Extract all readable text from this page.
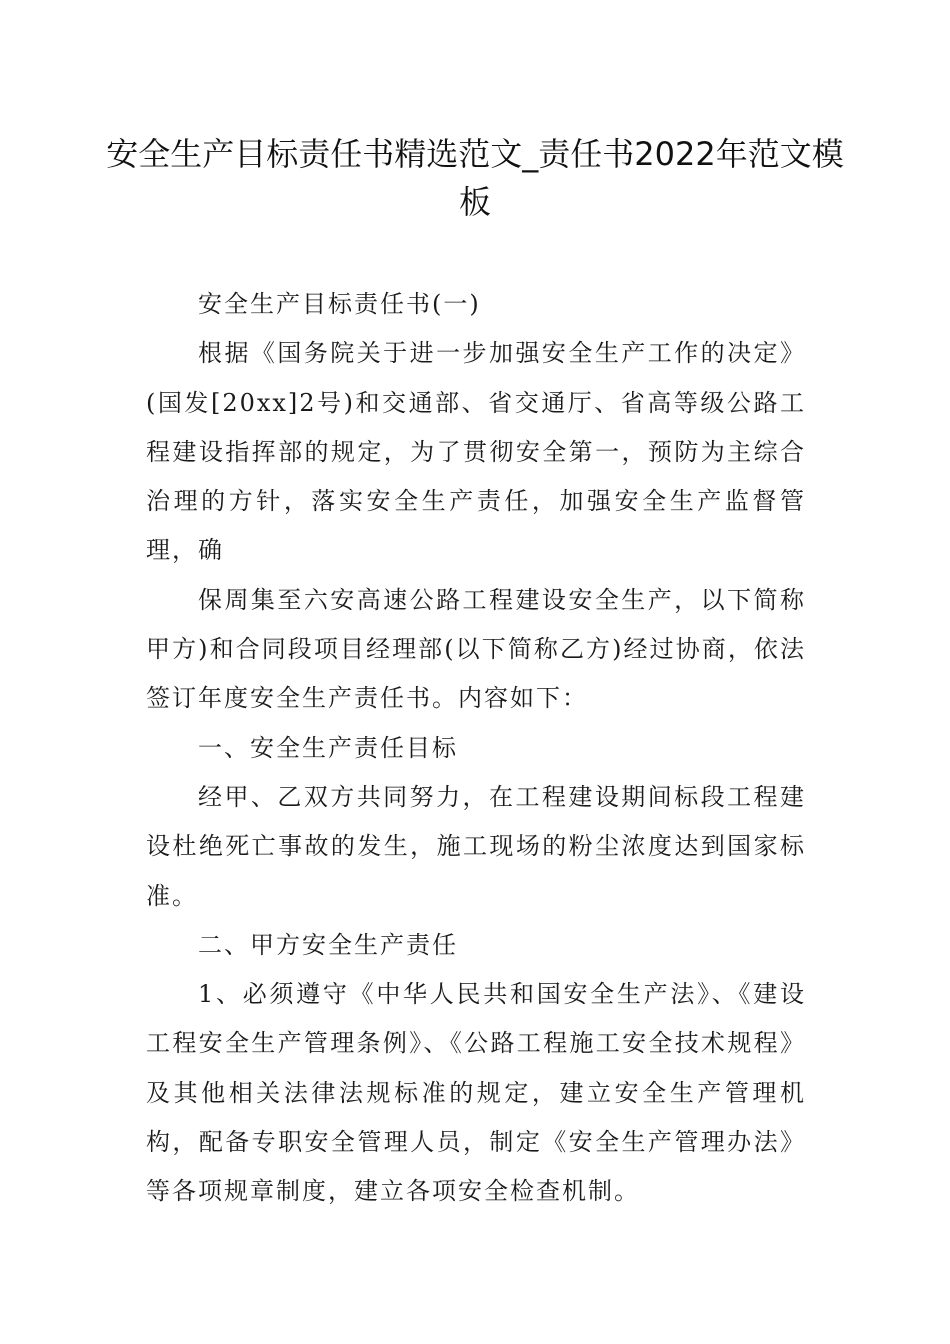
安全生产目标责任书精选范文_责任书2022年范文模板

安全生产目标责任书(一)

根据《国务院关于进一步加强安全生产工作的决定》(国发[20xx]2号)和交通部、省交通厅、省高等级公路工程建设指挥部的规定，为了贯彻安全第一，预防为主综合治理的方针，落实安全生产责任，加强安全生产监督管理，确

保周集至六安高速公路工程建设安全生产，以下简称甲方)和合同段项目经理部(以下简称乙方)经过协商，依法签订年度安全生产责任书。内容如下：

一、安全生产责任目标

经甲、乙双方共同努力，在工程建设期间标段工程建设杜绝死亡事故的发生，施工现场的粉尘浓度达到国家标准。

二、甲方安全生产责任

1、必须遵守《中华人民共和国安全生产法》、《建设工程安全生产管理条例》、《公路工程施工安全技术规程》及其他相关法律法规标准的规定，建立安全生产管理机构，配备专职安全管理人员，制定《安全生产管理办法》等各项规章制度，建立各项安全检查机制。
